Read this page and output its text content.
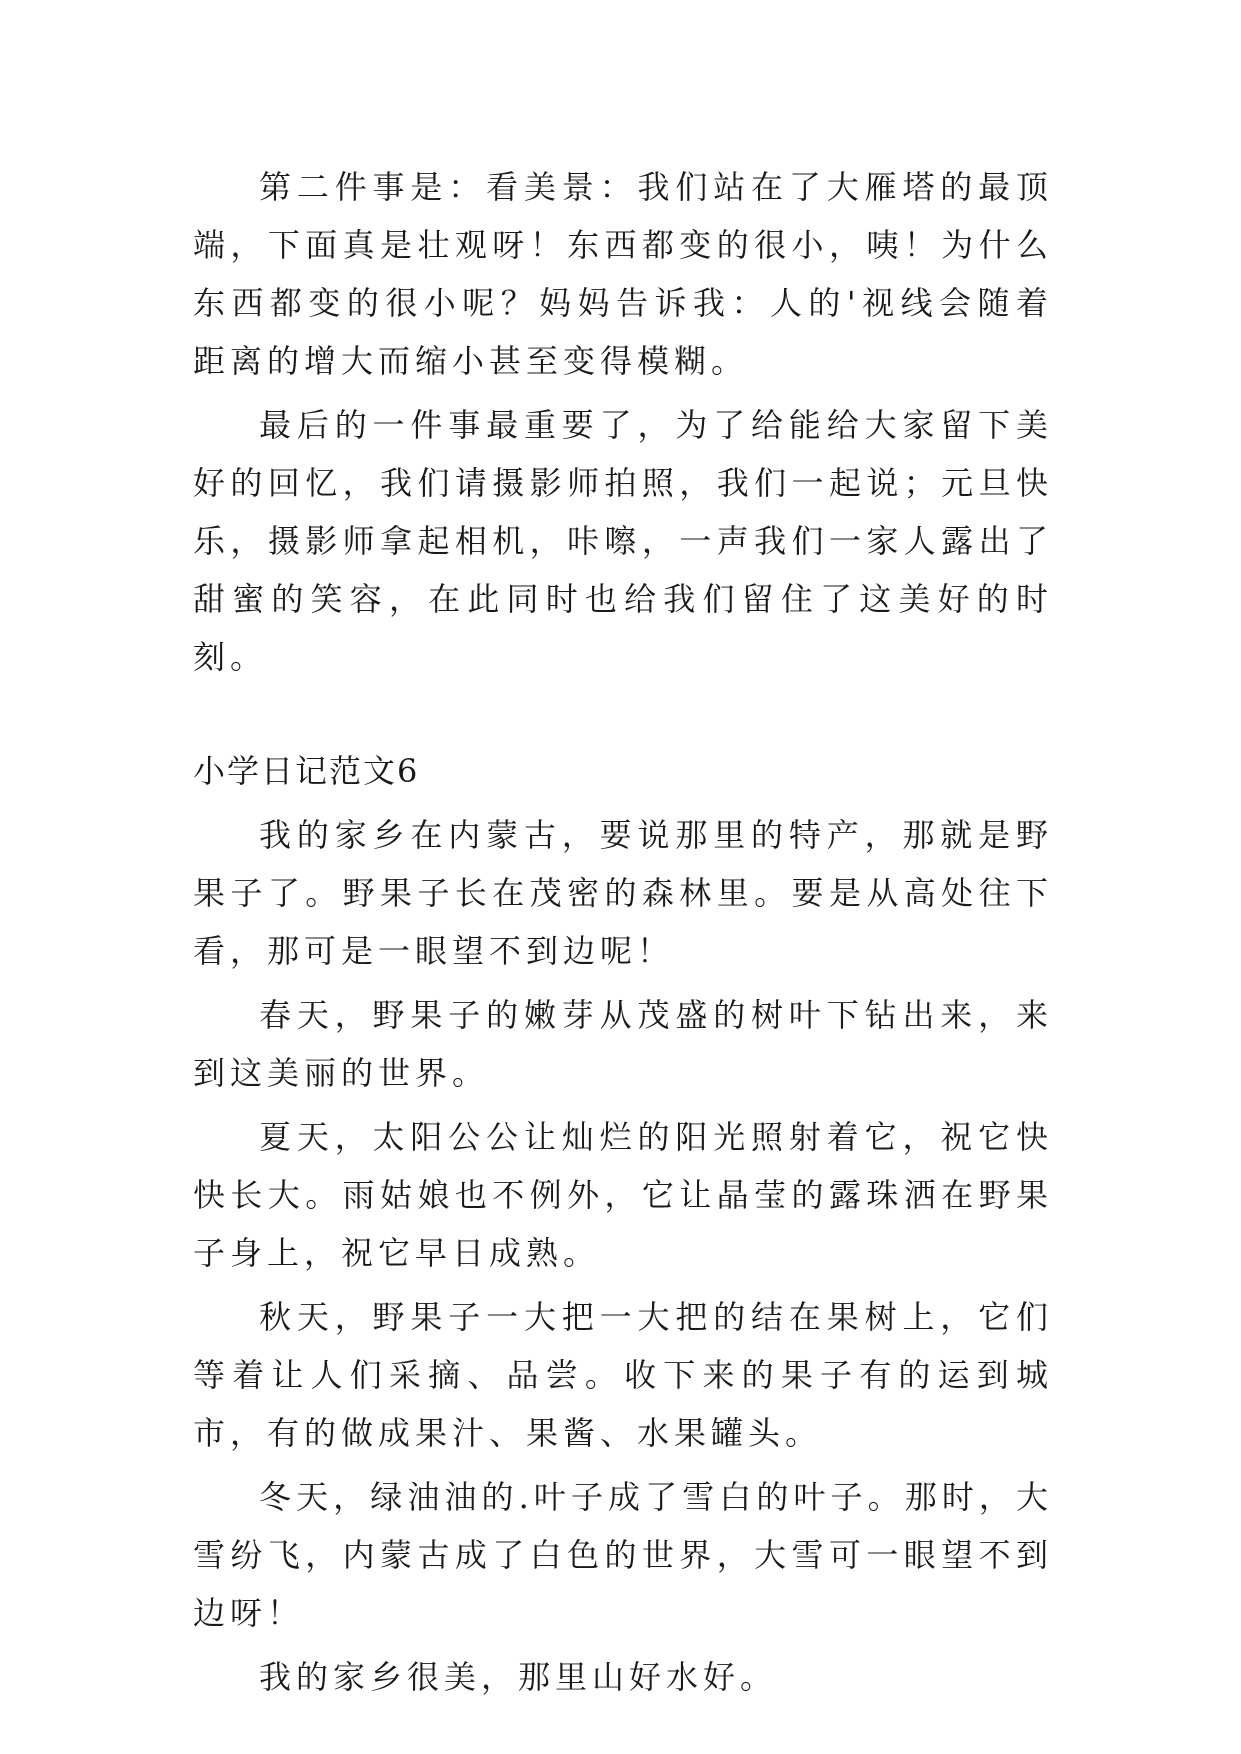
第二件事是：看美景：我们站在了大雁塔的最顶端，下面真是壮观呀！东西都变的很小，咦！为什么东西都变的很小呢？妈妈告诉我：人的'视线会随着距离的增大而缩小甚至变得模糊。

最后的一件事最重要了，为了给能给大家留下美好的回忆，我们请摄影师拍照，我们一起说；元旦快乐，摄影师拿起相机，咔嚓，一声我们一家人露出了甜蜜的笑容，在此同时也给我们留住了这美好的时刻。

小学日记范文6

我的家乡在内蒙古，要说那里的特产，那就是野果子了。野果子长在茂密的森林里。要是从高处往下看，那可是一眼望不到边呢！

春天，野果子的嫩芽从茂盛的树叶下钻出来，来到这美丽的世界。

夏天，太阳公公让灿烂的阳光照射着它，祝它快快长大。雨姑娘也不例外，它让晶莹的露珠洒在野果子身上，祝它早日成熟。

秋天，野果子一大把一大把的结在果树上，它们等着让人们采摘、品尝。收下来的果子有的运到城市，有的做成果汁、果酱、水果罐头。

冬天，绿油油的.叶子成了雪白的叶子。那时，大雪纷飞，内蒙古成了白色的世界，大雪可一眼望不到边呀！

我的家乡很美，那里山好水好。
